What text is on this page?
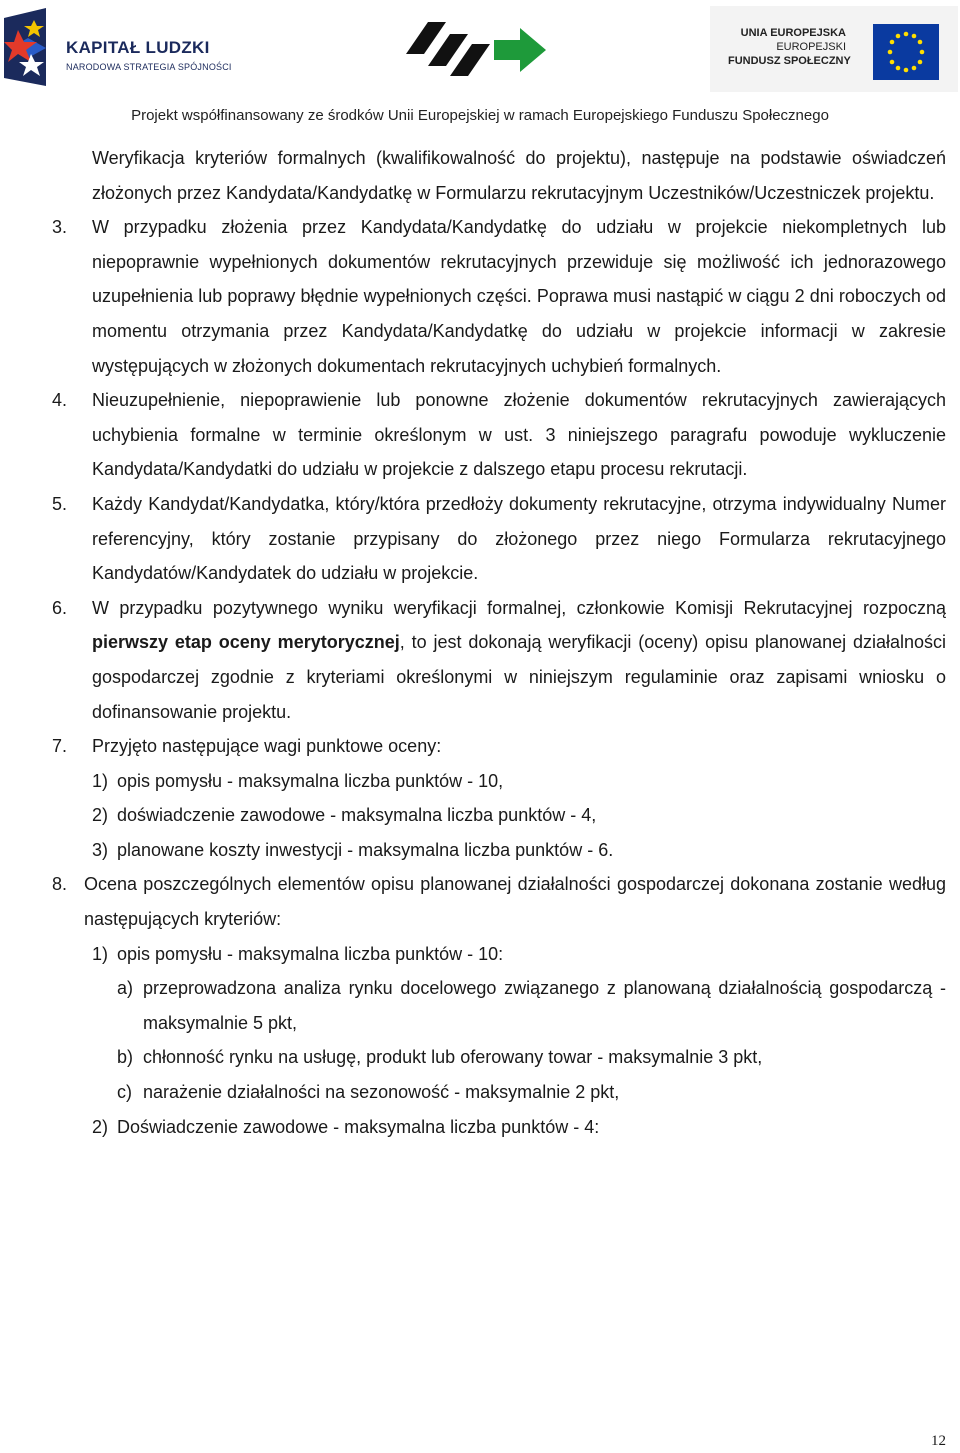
KAPITAŁ LUDZKI
NARODOWA STRATEGIA SPÓJNOŚCI
UNIA EUROPEJSKA
EUROPEJSKI
FUNDUSZ SPOŁECZNY
Projekt współfinansowany ze środków Unii Europejskiej w ramach Europejskiego Funduszu Społecznego
Weryfikacja kryteriów formalnych (kwalifikowalność do projektu), następuje na podstawie oświadczeń złożonych przez Kandydata/Kandydatkę w Formularzu rekrutacyjnym Uczestników/Uczestniczek projektu.
3.	W przypadku złożenia przez Kandydata/Kandydatkę do udziału w projekcie niekompletnych lub niepoprawnie wypełnionych dokumentów rekrutacyjnych przewiduje się możliwość ich jednorazowego uzupełnienia lub poprawy błędnie wypełnionych części. Poprawa musi nastąpić w ciągu 2 dni roboczych od momentu otrzymania przez Kandydata/Kandydatkę do udziału w projekcie informacji w zakresie występujących w złożonych dokumentach rekrutacyjnych uchybień formalnych.
4.	Nieuzupełnienie, niepoprawienie lub ponowne złożenie dokumentów rekrutacyjnych zawierających uchybienia formalne w terminie określonym w ust. 3 niniejszego paragrafu powoduje wykluczenie Kandydata/Kandydatki do udziału w projekcie z dalszego etapu procesu rekrutacji.
5.	Każdy Kandydat/Kandydatka, który/która przedłoży dokumenty rekrutacyjne, otrzyma indywidualny Numer referencyjny, który zostanie przypisany do złożonego przez niego Formularza rekrutacyjnego Kandydatów/Kandydatek do udziału w projekcie.
6.	W przypadku pozytywnego wyniku weryfikacji formalnej, członkowie Komisji Rekrutacyjnej rozpoczną pierwszy etap oceny merytorycznej, to jest dokonają weryfikacji (oceny) opisu planowanej działalności gospodarczej zgodnie z kryteriami określonymi w niniejszym regulaminie oraz zapisami wniosku o dofinansowanie projektu.
7.	Przyjęto następujące wagi punktowe oceny:
1) opis pomysłu - maksymalna liczba punktów - 10,
2) doświadczenie zawodowe - maksymalna liczba punktów - 4,
3) planowane koszty inwestycji - maksymalna liczba punktów - 6.
8. Ocena poszczególnych elementów opisu planowanej działalności gospodarczej dokonana zostanie według następujących kryteriów:
1) opis pomysłu - maksymalna liczba punktów - 10:
a) przeprowadzona analiza rynku docelowego związanego z planowaną działalnością gospodarczą - maksymalnie 5 pkt,
b) chłonność rynku na usługę, produkt lub oferowany towar - maksymalnie 3 pkt,
c) narażenie działalności na sezonowość - maksymalnie 2 pkt,
2) Doświadczenie zawodowe - maksymalna liczba punktów - 4:
12
